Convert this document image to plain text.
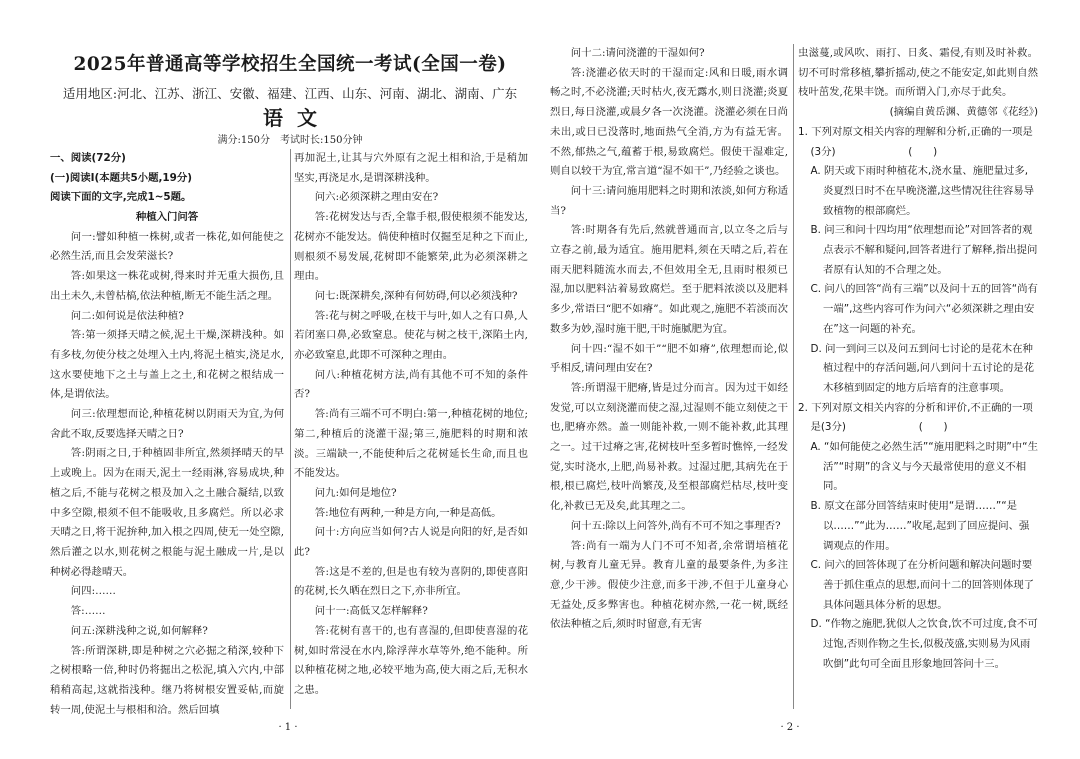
2025年普通高等学校招生全国统一考试(全国一卷)
适用地区:河北、江苏、浙江、安徽、福建、江西、山东、河南、湖北、湖南、广东
语文
满分:150分　考试时长:150分钟

一、阅读(72分)

(一)阅读Ⅰ(本题共5小题,19分)

阅读下面的文字,完成1~5题。

种植入门问答

问一:譬如种植一株树,或者一株花,如何能使之必然生活,而且会发荣滋长?

答:如果这一株花或树,得来时并无重大损伤,且出土未久,未曾枯槁,依法种植,断无不能生活之理。

问二:如何说是依法种植?

答:第一须择天晴之候,泥土干燥,深耕浅种。如有多枝,勿使分枝之处埋入土内,将泥土植实,浇足水,这水要使地下之土与盖上之土,和花树之根结成一体,是谓依法。

问三:依理想而论,种植花树以阴雨天为宜,为何舍此不取,反要选择天晴之日?

答:阴雨之日,于种植固非所宜,然须择晴天的早上或晚上。因为在雨天,泥土一经雨淋,容易成块,种植之后,不能与花树之根及加入之土融合凝结,以致中多空隙,根须不但不能吸收,且多腐烂。所以必求天晴之日,将干泥拚种,加入根之四周,使无一处空隙,然后灌之以水,则花树之根能与泥土融成一片,是以种树必得趁晴天。

问四:……

答:……

问五:深耕浅种之说,如何解释?

答:所谓深耕,即是种树之穴必掘之稍深,较种下之树根略一倍,种时仍将掘出之松泥,填入穴内,中部稍稍高起,这就指浅种。继乃将树根安置妥帖,而旋转一周,使泥土与根相和洽。然后回填

再加泥土,让其与穴外原有之泥土相和洽,于是稍加坚实,再浇足水,是谓深耕浅种。

问六:必须深耕之理由安在?

答:花树发达与否,全靠手根,假使根须不能发达,花树亦不能发达。倘使种植时仅掘至足种之下而止,则根须不易发展,花树即不能繁荣,此为必须深耕之理由。

问七:既深耕矣,深种有何妨碍,何以必须浅种?

答:花与树之呼吸,在枝干与叶,如人之有口鼻,人若闭塞口鼻,必致窒息。使花与树之枝干,深陷土内,亦必致窒息,此即不可深种之理由。

问八:种植花树方法,尚有其他不可不知的条件否?

答:尚有三端不可不明白:第一,种植花树的地位;第二,种植后的浇灌干湿;第三,施肥料的时期和浓淡。三端缺一,不能使种后之花树延长生命,而且也不能发达。

问九:如何是地位?

答:地位有两种,一种是方向,一种是高低。

问十:方向应当如何?古人说是向阳的好,是否如此?

答:这是不差的,但是也有较为喜阴的,即使喜阳的花树,长久晒在烈日之下,亦非所宜。

问十一:高低又怎样解释?

答:花树有喜干的,也有喜湿的,但即使喜湿的花树,如时常浸在水内,除浮萍水草等外,绝不能种。所以种植花树之地,必较平地为高,使大雨之后,无积水之患。

· 1 ·

问十二:请问浇灌的干湿如何?

答:浇灌必依天时的干湿而定:风和日暖,雨水调畅之时,不必浇灌;天时枯火,夜无露水,则日浇灌;炎夏烈日,每日浇灌,或晨夕各一次浇灌。浇灌必须在日尚未出,或日已没落时,地面热气全消,方为有益无害。不然,郁热之气,蕴蓄于根,易致腐烂。假使干湿难定,则自以较干为宜,常言道“湿不如干”,乃经验之谈也。

问十三:请问施用肥料之时期和浓淡,如何方称适当?

答:时期各有先后,然就普通而言,以立冬之后与立春之前,最为适宜。施用肥料,须在天晴之后,若在雨天肥料随流水而去,不但效用全无,且雨时根须已湿,加以肥料沾着易致腐烂。至于肥料浓淡以及肥料多少,常语曰“肥不如瘠”。如此观之,施肥不若淡而次数多为妙,湿时施干肥,干时施腻肥为宜。

问十四:“湿不如干”“肥不如瘠”,依理想而论,似乎相反,请问理由安在?

答:所谓湿干肥瘠,皆是过分而言。因为过干如经发觉,可以立刻浇灌而使之湿,过湿则不能立刻使之干也,肥瘠亦然。盖一则能补救,一则不能补救,此其理之一。过干过瘠之害,花树枝叶至多暂时憔悴,一经发觉,实时浇水,上肥,尚易补救。过湿过肥,其病先在于根,根已腐烂,枝叶尚繁茂,及至根部腐烂枯尽,枝叶变化,补救已无及矣,此其理之二。

问十五:除以上问答外,尚有不可不知之事理否?

答:尚有一端为人门不可不知者,余常谓培植花树,与教育儿童无异。教育儿童的最要条件,为多注意,少干涉。假使少注意,而多干涉,不但于儿童身心无益处,反多弊害也。种植花树亦然,一花一树,既经依法种植之后,须时时留意,有无害

虫滋蔓,或风吹、雨打、日炙、霜侵,有则及时补救。切不可时常移植,攀折摇动,使之不能安定,如此则自然枝叶茁发,花果丰饶。而所谓入门,亦尽于此矣。

(摘编自黄岳渊、黄德邻《花经》)

1. 下列对原文相关内容的理解和分析,正确的一项是(3分)　　　　　　　(　　)

A. 阴天或下雨时种植花木,浇水量、施肥量过多,炎夏烈日时不在早晚浇灌,这些情况往往容易导致植物的根部腐烂。

B. 问三和问十四均用“依理想而论”对回答者的观点表示不解和疑问,回答者进行了解释,指出提问者原有认知的不合理之处。

C. 问八的回答“尚有三端”以及问十五的回答“尚有一端”,这些内容可作为问六“必须深耕之理由安在”这一问题的补充。

D. 问一到问三以及问五到问七讨论的是花木在种植过程中的存活问题,问八到问十五讨论的是花木移植到固定的地方后培育的注意事项。

2. 下列对原文相关内容的分析和评价,不正确的一项是(3分)　　　　　　　(　　)

A. “如何能使之必然生活”“施用肥料之时期”中“生活”“时期”的含义与今天最常使用的意义不相同。

B. 原文在部分回答结束时使用“是谓……”“是以……”“此为……”收尾,起到了回应提问、强调观点的作用。

C. 问六的回答体现了在分析问题和解决问题时要善于抓住重点的思想,而问十二的回答则体现了具体问题具体分析的思想。

D. “作物之施肥,犹似人之饮食,饮不可过度,食不可过饱,否则作物之生长,似极茂盛,实则易为风雨吹倒”此句可全面且形象地回答问十三。

· 2 ·
